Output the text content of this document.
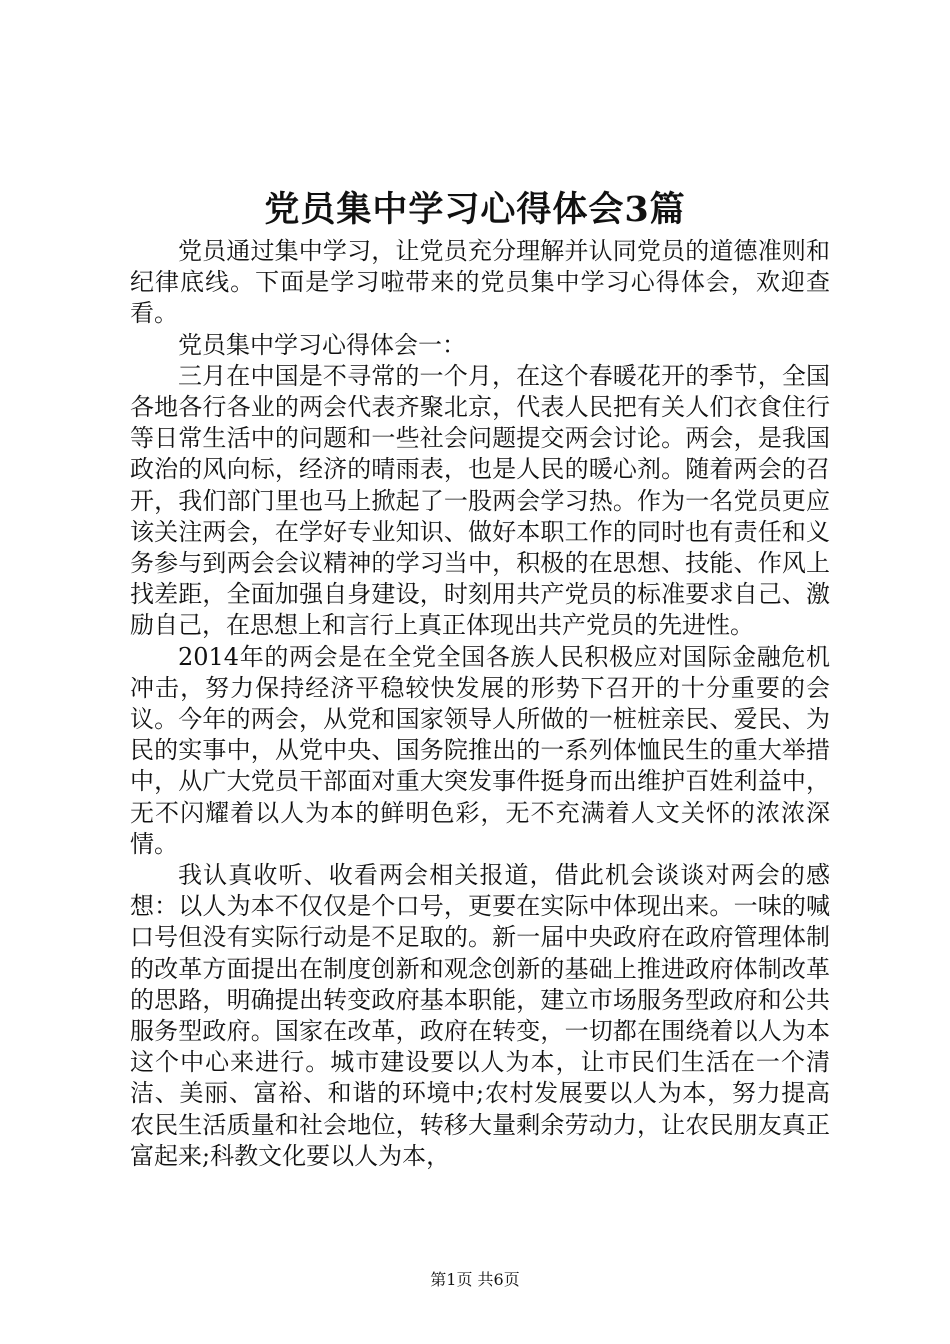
党员集中学习心得体会3篇

党员通过集中学习，让党员充分理解并认同党员的道德准则和纪律底线。下面是学习啦带来的党员集中学习心得体会，欢迎查看。

党员集中学习心得体会一：

三月在中国是不寻常的一个月，在这个春暖花开的季节，全国各地各行各业的两会代表齐聚北京，代表人民把有关人们衣食住行等日常生活中的问题和一些社会问题提交两会讨论。两会，是我国政治的风向标，经济的晴雨表，也是人民的暖心剂。随着两会的召开，我们部门里也马上掀起了一股两会学习热。作为一名党员更应该关注两会，在学好专业知识、做好本职工作的同时也有责任和义务参与到两会会议精神的学习当中，积极的在思想、技能、作风上找差距，全面加强自身建设，时刻用共产党员的标准要求自己、激励自己，在思想上和言行上真正体现出共产党员的先进性。

2014年的两会是在全党全国各族人民积极应对国际金融危机冲击，努力保持经济平稳较快发展的形势下召开的十分重要的会议。今年的两会，从党和国家领导人所做的一桩桩亲民、爱民、为民的实事中，从党中央、国务院推出的一系列体恤民生的重大举措中，从广大党员干部面对重大突发事件挺身而出维护百姓利益中，无不闪耀着以人为本的鲜明色彩，无不充满着人文关怀的浓浓深情。

我认真收听、收看两会相关报道，借此机会谈谈对两会的感想：以人为本不仅仅是个口号，更要在实际中体现出来。一味的喊口号但没有实际行动是不足取的。新一届中央政府在政府管理体制的改革方面提出在制度创新和观念创新的基础上推进政府体制改革的思路，明确提出转变政府基本职能，建立市场服务型政府和公共服务型政府。国家在改革，政府在转变，一切都在围绕着以人为本这个中心来进行。城市建设要以人为本，让市民们生活在一个清洁、美丽、富裕、和谐的环境中;农村发展要以人为本，努力提高农民生活质量和社会地位，转移大量剩余劳动力，让农民朋友真正富起来;科教文化要以人为本，

第1页 共6页
